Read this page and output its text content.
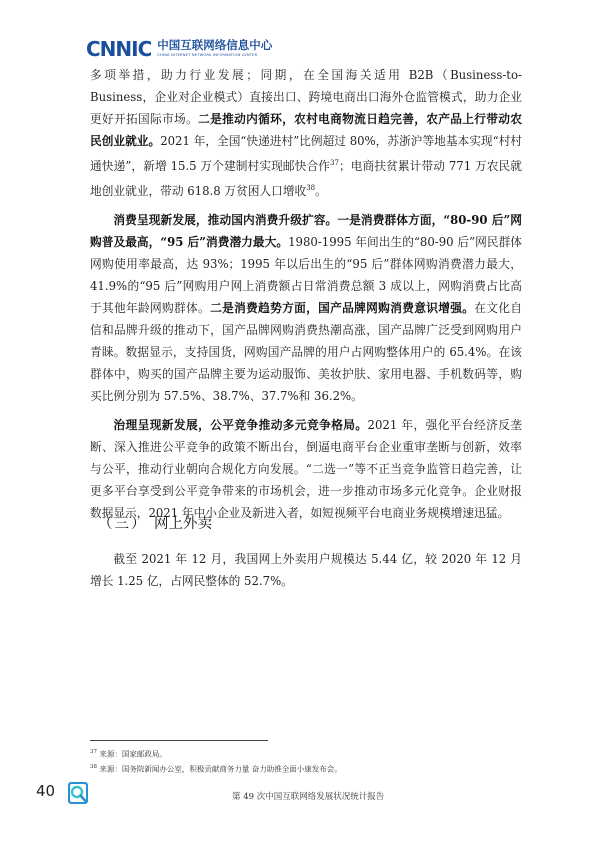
CNNIC 中国互联网络信息中心
CHINA INTERNET NETWORK INFORMATION CENTER

多项举措，助力行业发展；同期，在全国海关适用 B2B（Business-to-Business，企业对企业模式）直接出口、跨境电商出口海外仓监管模式，助力企业更好开拓国际市场。二是推动内循环，农村电商物流日趋完善，农产品上行带动农民创业就业。2021 年，全国“快递进村”比例超过 80%，苏浙沪等地基本实现“村村通快递”，新增 15.5 万个建制村实现邮快合作$^{37}$；电商扶贫累计带动 771 万农民就地创业就业，带动 618.8 万贫困人口增收$^{38}$。

消费呈现新发展，推动国内消费升级扩容。一是消费群体方面，“80-90 后”网购普及最高，“95 后”消费潜力最大。1980-1995 年间出生的“80-90 后”网民群体网购使用率最高，达 93%；1995 年以后出生的“95 后”群体网购消费潜力最大，41.9%的“95 后”网购用户网上消费额占日常消费总额 3 成以上，网购消费占比高于其他年龄网购群体。二是消费趋势方面，国产品牌网购消费意识增强。在文化自信和品牌升级的推动下，国产品牌网购消费热潮高涨，国产品牌广泛受到网购用户青睐。数据显示，支持国货，网购国产品牌的用户占网购整体用户的 65.4%。在该群体中，购买的国产品牌主要为运动服饰、美妆护肤、家用电器、手机数码等，购买比例分别为 57.5%、38.7%、37.7%和 36.2%。

治理呈现新发展，公平竞争推动多元竞争格局。2021 年，强化平台经济反垄断、深入推进公平竞争的政策不断出台，倒逼电商平台企业重审垄断与创新，效率与公平，推动行业朝向合规化方向发展。“二选一”等不正当竞争监管日趋完善，让更多平台享受到公平竞争带来的市场机会，进一步推动市场多元化竞争。企业财报数据显示，2021 年中小企业及新进入者，如短视频平台电商业务规模增速迅猛。

（三） 网上外卖

截至 2021 年 12 月，我国网上外卖用户规模达 5.44 亿，较 2020 年 12 月增长 1.25 亿，占网民整体的 52.7%。

$^{37}$ 来源：国家邮政局。
$^{38}$ 来源：国务院新闻办公室，积极贡献商务力量 奋力助推全面小康发布会。
40	第 49 次中国互联网络发展状况统计报告
